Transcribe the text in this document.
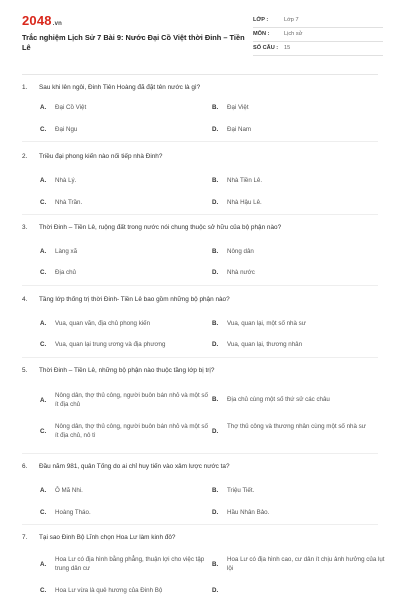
2048.vn
Trắc nghiệm Lịch Sử 7 Bài 9: Nước Đại Cồ Việt thời Đinh – Tiền Lê
LỚP :	Lớp 7
MÔN :	Lịch sử
SỐ CÂU : 15
1. Sau khi lên ngôi, Đinh Tiên Hoàng đã đặt tên nước là gì?
A. Đại Cồ Việt	B. Đại Việt
C. Đại Ngu	D. Đại Nam
2. Triều đại phong kiến nào nối tiếp nhà Đinh?
A. Nhà Lý.	B. Nhà Tiền Lê.
C. Nhà Trần.	D. Nhà Hậu Lê.
3. Thời Đinh – Tiền Lê, ruộng đất trong nước nói chung thuộc sở hữu của bộ phận nào?
A. Làng xã	B. Nông dân
C. Địa chủ	D. Nhà nước
4. Tầng lớp thống trị thời Đinh- Tiền Lê bao gồm những bộ phận nào?
A. Vua, quan văn, địa chủ phong kiến	B. Vua, quan lại, một số nhà sư
C. Vua, quan lại trung ương và địa phương	D. Vua, quan lại, thương nhân
5. Thời Đinh – Tiền Lê, những bộ phận nào thuộc tầng lớp bị trị?
A.
Nông dân, thợ thủ công, người buôn bán nhỏ và một số ít địa chủ
B. Địa chủ cùng một số thứ sử các châu
C.
Nông dân, thợ thủ công, người buôn bán nhỏ và một số ít địa chủ, nô tì
D.
Thợ thủ công và thương nhân cùng một số nhà sư
6. Đầu năm 981, quân Tống do ai chỉ huy tiến vào xâm lược nước ta?
A. Ô Mã Nhi.	B. Triệu Tiết.
C. Hoàng Tháo.	D. Hầu Nhân Bảo.
7. Tại sao Đinh Bộ Lĩnh chọn Hoa Lư làm kinh đô?
A.
Hoa Lư có địa hình bằng phẳng, thuận lợi cho việc tập trung dân cư
B.
Hoa Lư có địa hình cao, cư dân ít chịu ảnh hưởng của lụt lội
C. Hoa Lư vừa là quê hương của Đinh Bộ	D.
